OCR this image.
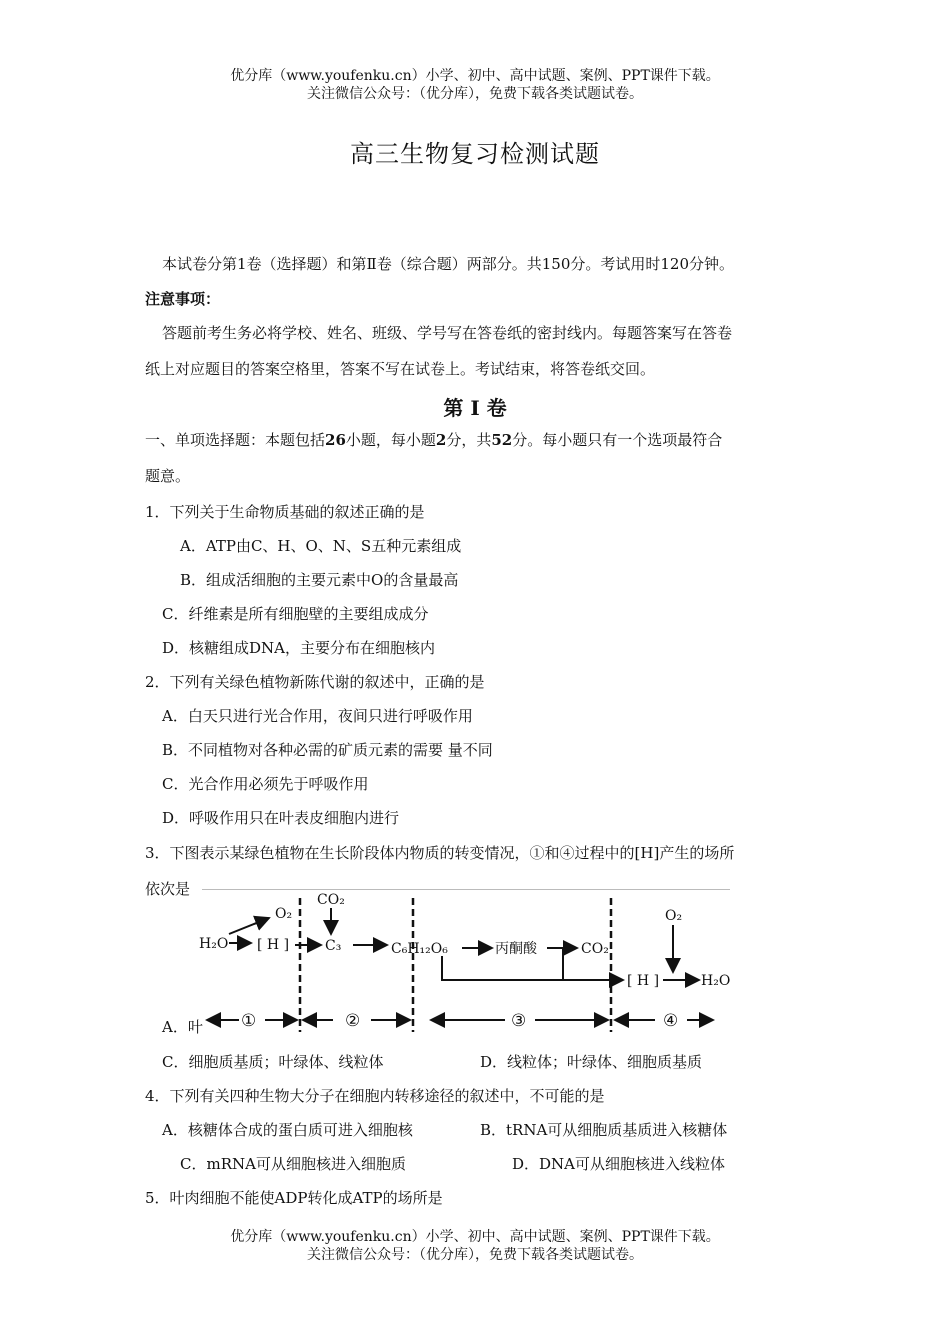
优分库（www.youfenku.cn）小学、初中、高中试题、案例、PPT课件下载。
关注微信公众号：（优分库），免费下载各类试题试卷。
高三生物复习检测试题
本试卷分第1卷（选择题）和第Ⅱ卷（综合题）两部分。共150分。考试用时120分钟。
注意事项：
答题前考生务必将学校、姓名、班级、学号写在答卷纸的密封线内。每题答案写在答卷
纸上对应题目的答案空格里，答案不写在试卷上。考试结束，将答卷纸交回。
第 Ⅰ 卷
一、单项选择题：本题包括26小题，每小题2分，共52分。每小题只有一个选项最符合
题意。
1．下列关于生命物质基础的叙述正确的是
A．ATP由C、H、O、N、S五种元素组成
B．组成活细胞的主要元素中O的含量最高
C．纤维素是所有细胞壁的主要组成成分
D．核糖组成DNA，主要分布在细胞核内
2．下列有关绿色植物新陈代谢的叙述中，正确的是
A．白天只进行光合作用，夜间只进行呼吸作用
B．不同植物对各种必需的矿质元素的需要 量不同
C．光合作用必须先于呼吸作用
D．呼吸作用只在叶表皮细胞内进行
3．下图表示某绿色植物在生长阶段体内物质的转变情况，①和④过程中的[H]产生的场所
依次是
A．叶
H₂O
O₂
[ H ]
CO₂
C₃	C₆H₁₂O₆	丙酮酸	CO₂
[ H ]
O₂
H₂O
①	②	③	④
C．细胞质基质；叶绿体、线粒体	D．线粒体；叶绿体、细胞质基质
4．下列有关四种生物大分子在细胞内转移途径的叙述中，不可能的是
A．核糖体合成的蛋白质可进入细胞核	B．tRNA可从细胞质基质进入核糖体
C．mRNA可从细胞核进入细胞质	D．DNA可从细胞核进入线粒体
5．叶肉细胞不能使ADP转化成ATP的场所是
优分库（www.youfenku.cn）小学、初中、高中试题、案例、PPT课件下载。
关注微信公众号：（优分库），免费下载各类试题试卷。
